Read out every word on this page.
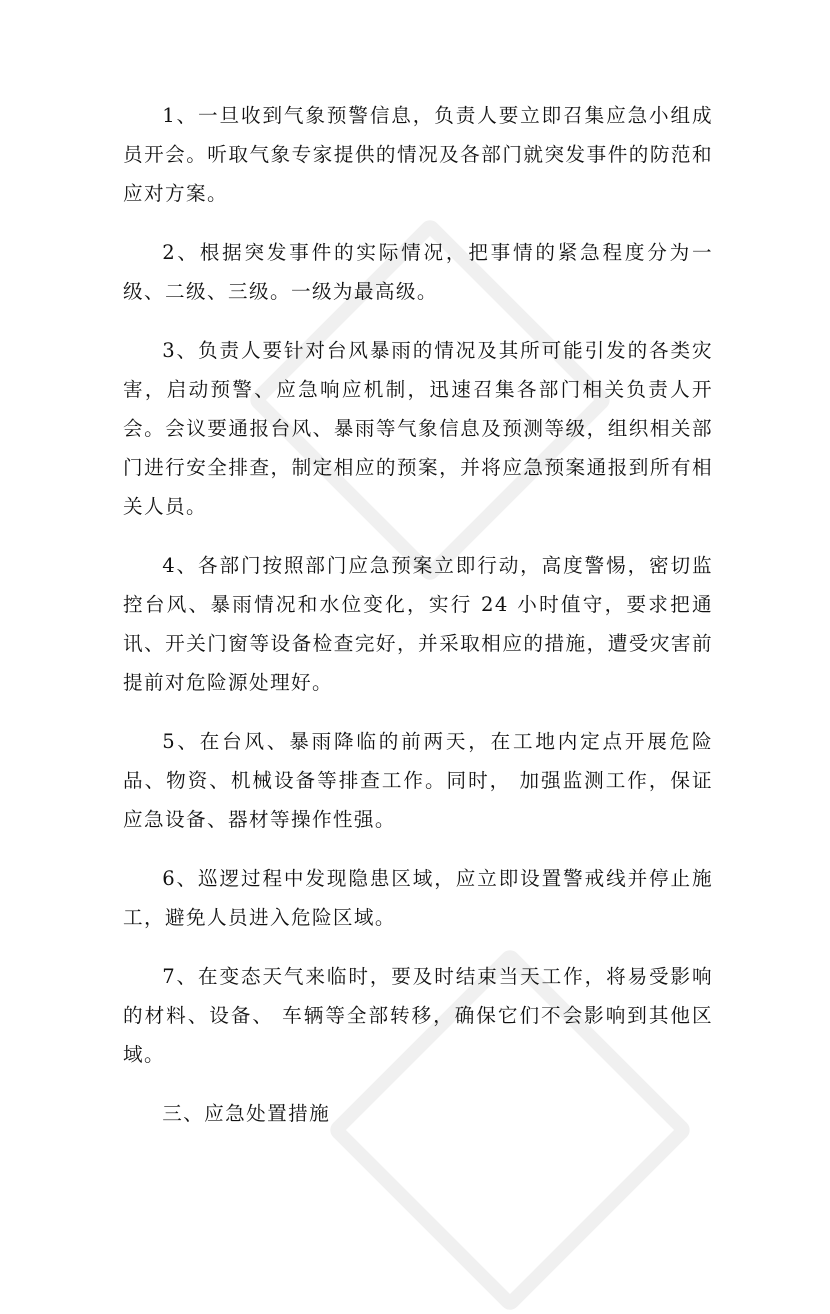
1、一旦收到气象预警信息，负责人要立即召集应急小组成员开会。听取气象专家提供的情况及各部门就突发事件的防范和应对方案。

2、根据突发事件的实际情况，把事情的紧急程度分为一级、二级、三级。一级为最高级。

3、负责人要针对台风暴雨的情况及其所可能引发的各类灾害，启动预警、应急响应机制，迅速召集各部门相关负责人开会。会议要通报台风、暴雨等气象信息及预测等级，组织相关部门进行安全排查，制定相应的预案，并将应急预案通报到所有相关人员。

4、各部门按照部门应急预案立即行动，高度警惕，密切监控台风、暴雨情况和水位变化，实行 24 小时值守，要求把通讯、开关门窗等设备检查完好，并采取相应的措施，遭受灾害前提前对危险源处理好。

5、在台风、暴雨降临的前两天，在工地内定点开展危险品、物资、机械设备等排查工作。同时， 加强监测工作，保证应急设备、器材等操作性强。

6、巡逻过程中发现隐患区域，应立即设置警戒线并停止施工，避免人员进入危险区域。

7、在变态天气来临时，要及时结束当天工作，将易受影响的材料、设备、 车辆等全部转移，确保它们不会影响到其他区域。

三、应急处置措施
